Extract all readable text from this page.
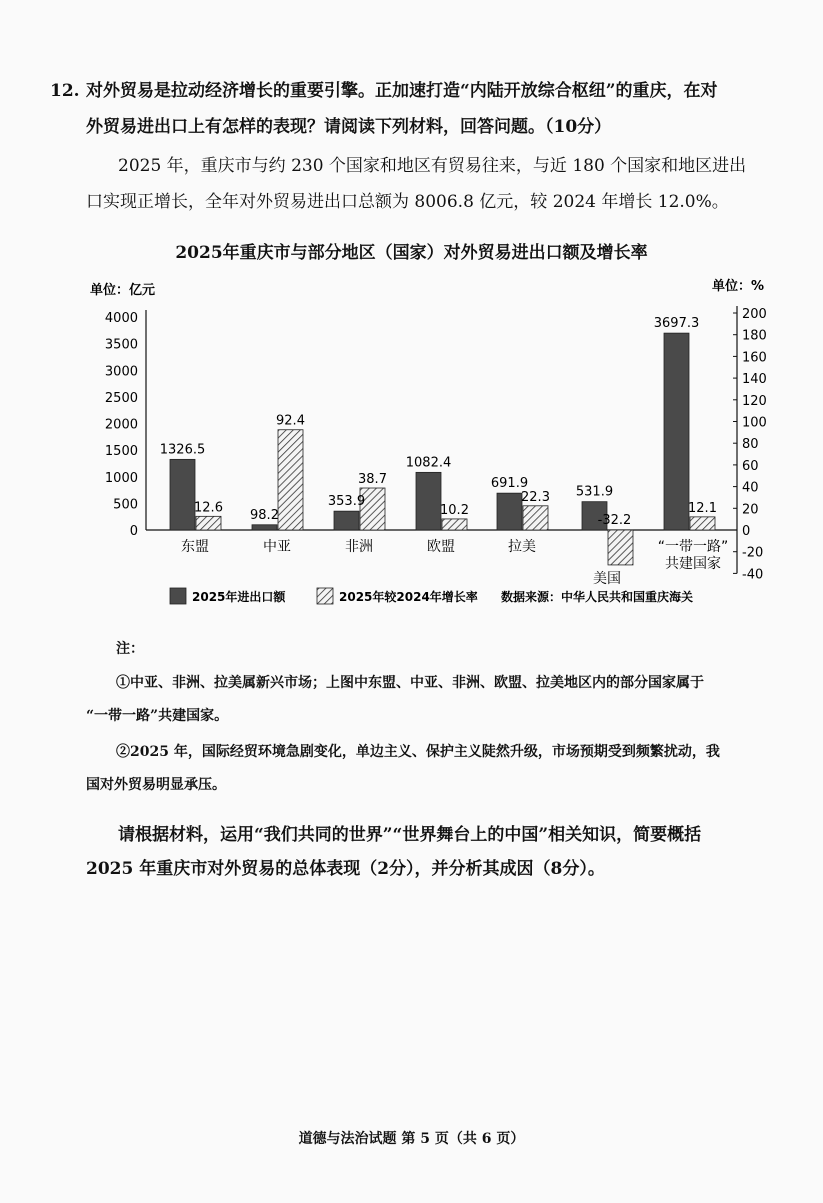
12. 对外贸易是拉动经济增长的重要引擎。正加速打造“内陆开放综合枢纽”的重庆，在对
外贸易进出口上有怎样的表现？请阅读下列材料，回答问题。（10分）
2025 年，重庆市与约 230 个国家和地区有贸易往来，与近 180 个国家和地区进出
口实现正增长，全年对外贸易进出口总额为 8006.8 亿元，较 2024 年增长 12.0%。
2025年重庆市与部分地区（国家）对外贸易进出口额及增长率
单位：亿元	单位：%
4000
3500
3000
2500
2000
1500
1000
500
0
200
180
160
140
120
100
80
60
40
20
0
-20
-40
1326.5
12.6
东盟
98.2
92.4
中亚
353.9
38.7
非洲
1082.4
10.2
欧盟
691.9
22.3
拉美
531.9
-32.2
美国
3697.3
12.1
“一带一路”
共建国家
2025年进出口额	2025年较2024年增长率 数据来源：中华人民共和国重庆海关
注：
①中亚、非洲、拉美属新兴市场；上图中东盟、中亚、非洲、欧盟、拉美地区内的部分国家属于
“一带一路”共建国家。
②2025 年，国际经贸环境急剧变化，单边主义、保护主义陡然升级，市场预期受到频繁扰动，我
国对外贸易明显承压。
请根据材料，运用“我们共同的世界”“世界舞台上的中国”相关知识，简要概括
2025 年重庆市对外贸易的总体表现（2分），并分析其成因（8分）。
道德与法治试题 第 5 页（共 6 页）
